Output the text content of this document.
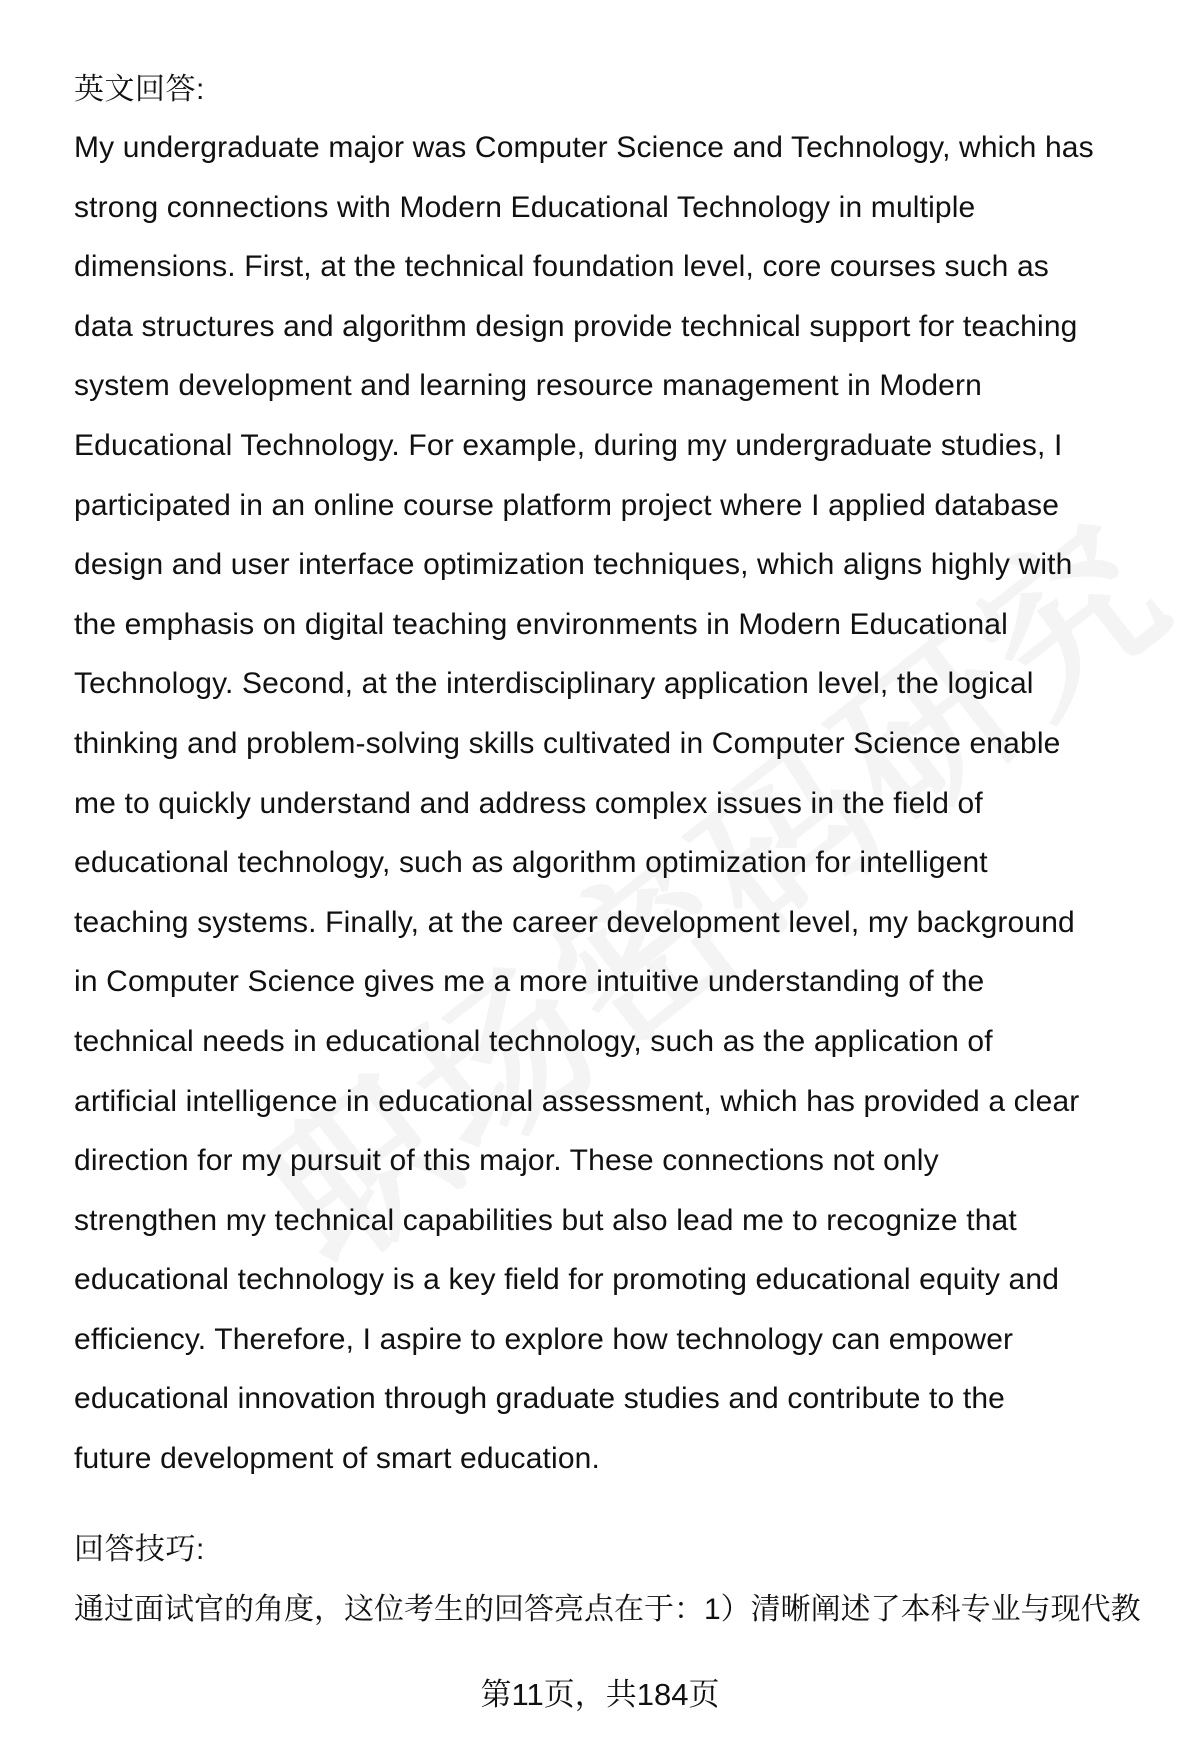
英文回答:

My undergraduate major was Computer Science and Technology, which has
strong connections with Modern Educational Technology in multiple
dimensions. First, at the technical foundation level, core courses such as
data structures and algorithm design provide technical support for teaching
system development and learning resource management in Modern
Educational Technology. For example, during my undergraduate studies, I
participated in an online course platform project where I applied database
design and user interface optimization techniques, which aligns highly with
the emphasis on digital teaching environments in Modern Educational
Technology. Second, at the interdisciplinary application level, the logical
thinking and problem-solving skills cultivated in Computer Science enable
me to quickly understand and address complex issues in the field of
educational technology, such as algorithm optimization for intelligent
teaching systems. Finally, at the career development level, my background
in Computer Science gives me a more intuitive understanding of the
technical needs in educational technology, such as the application of
artificial intelligence in educational assessment, which has provided a clear
direction for my pursuit of this major. These connections not only
strengthen my technical capabilities but also lead me to recognize that
educational technology is a key field for promoting educational equity and
efficiency. Therefore, I aspire to explore how technology can empower
educational innovation through graduate studies and contribute to the
future development of smart education.

回答技巧:
通过面试官的角度，这位考生的回答亮点在于：1）清晰阐述了本科专业与现代教
第11页，共184页
